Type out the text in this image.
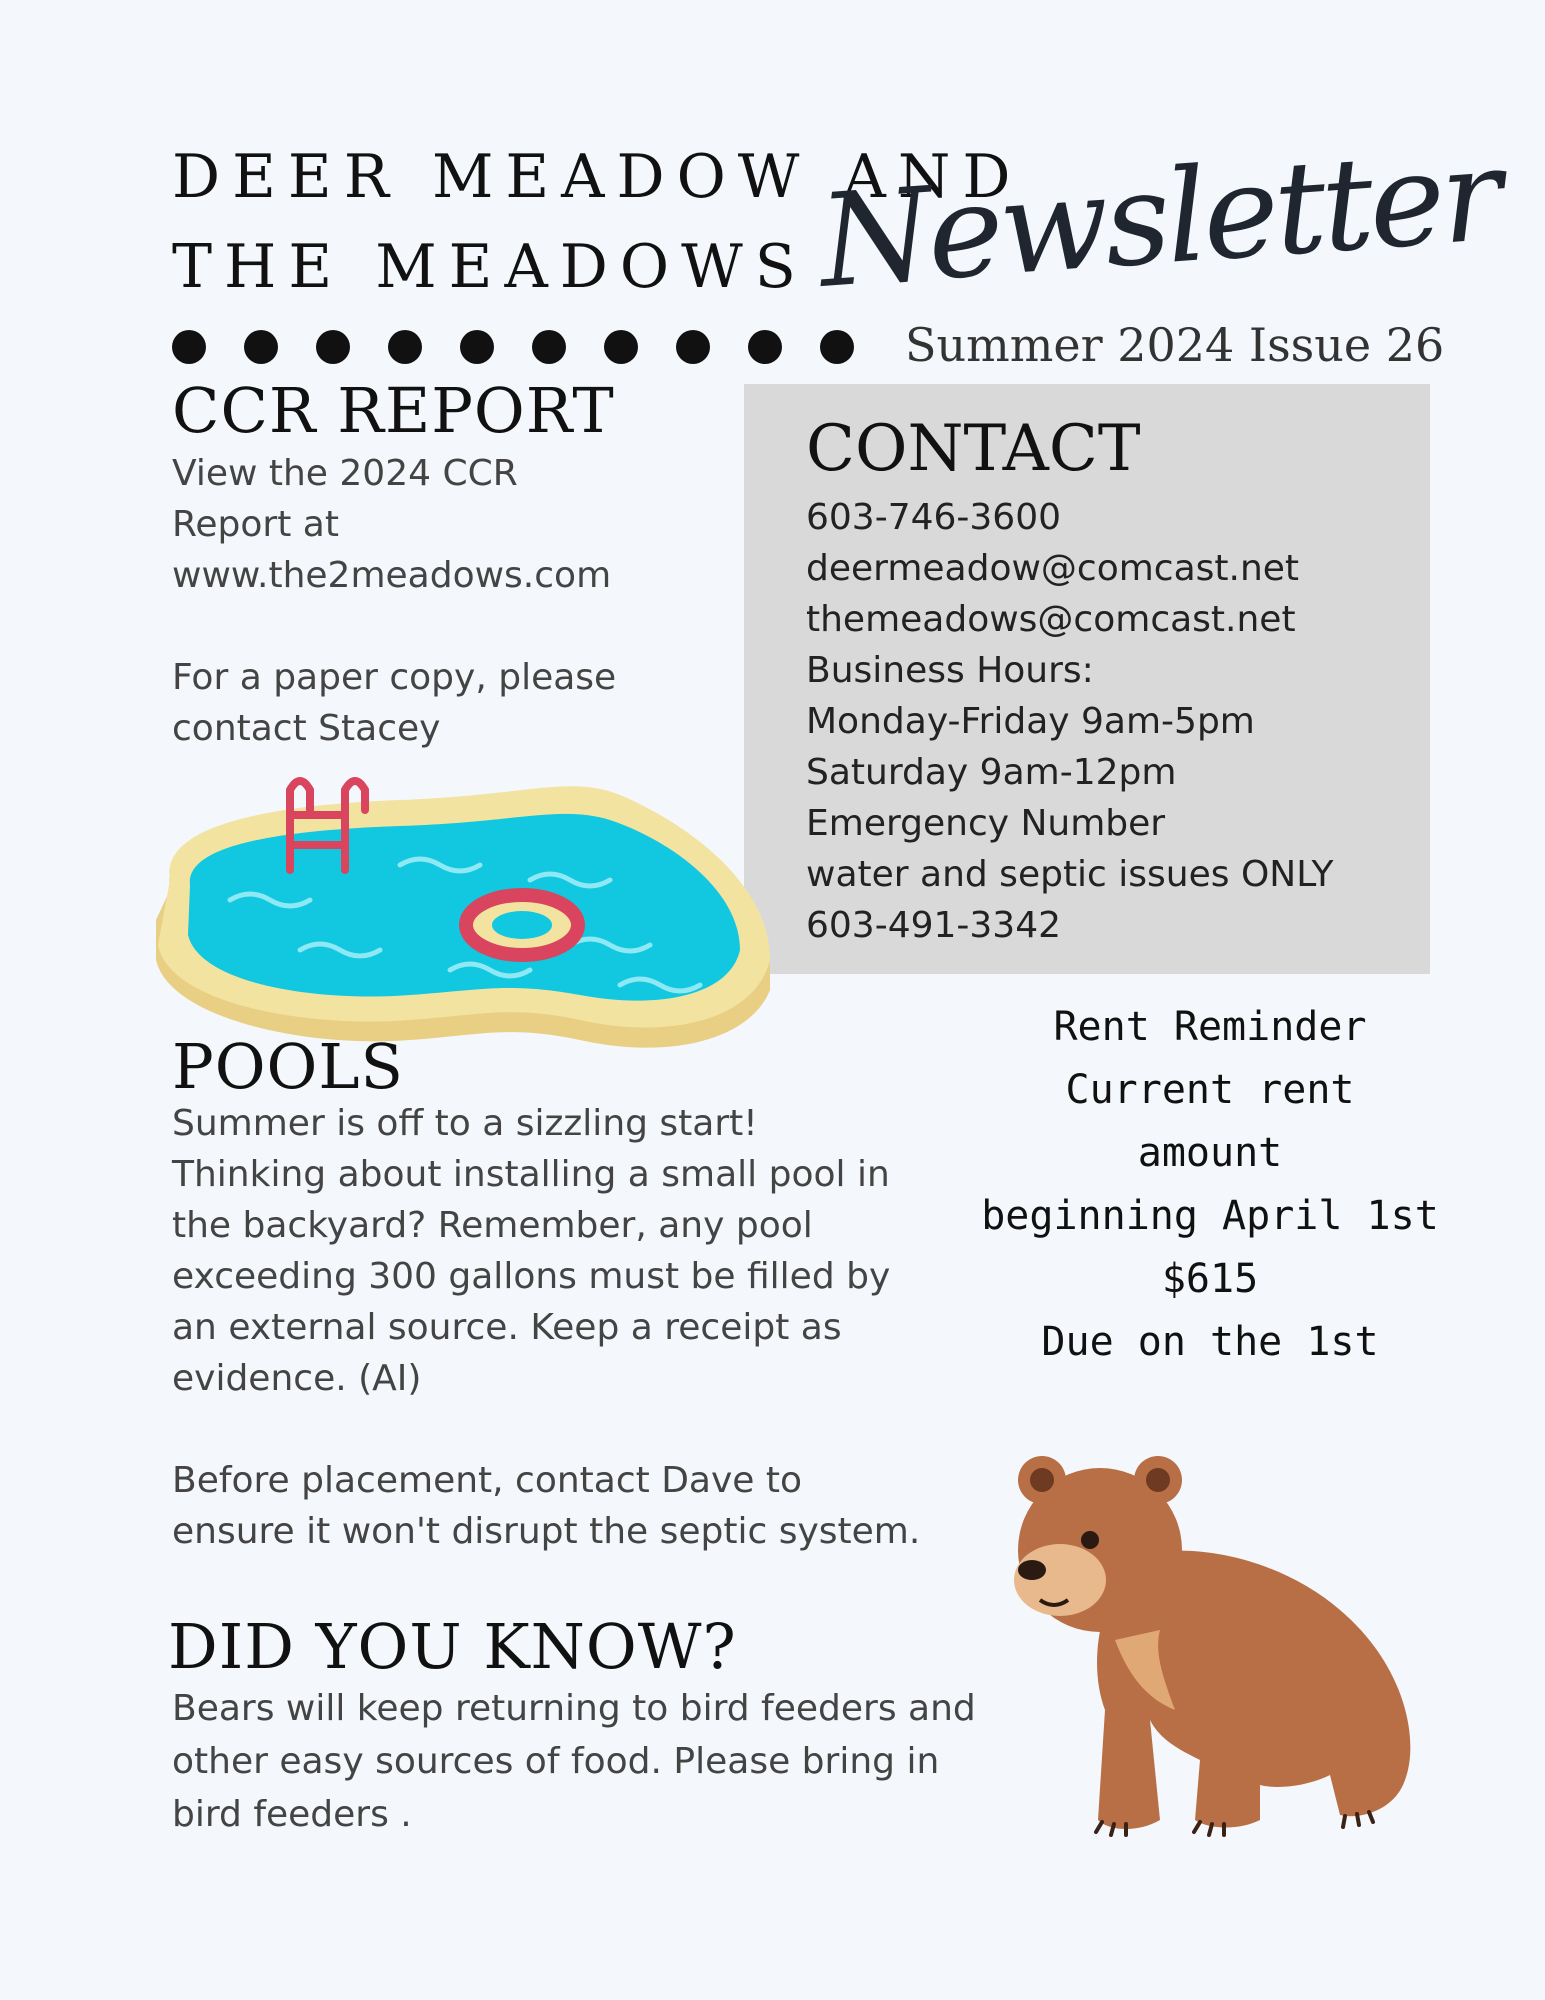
DEER MEADOW AND
THE MEADOWS Newsletter
Summer 2024 Issue 26
CCR REPORT
View the 2024 CCR
Report at
www.the2meadows.com

For a paper copy, please
contact Stacey
CONTACT
603-746-3600
deermeadow@comcast.net
themeadows@comcast.net
Business Hours:
Monday-Friday 9am-5pm
Saturday 9am-12pm
Emergency Number
water and septic issues ONLY
603-491-3342
POOLS
Summer is off to a sizzling start!
Thinking about installing a small pool in
the backyard? Remember, any pool
exceeding 300 gallons must be filled by
an external source. Keep a receipt as
evidence. (AI)

Before placement, contact Dave to
ensure it won't disrupt the septic system.
Rent Reminder
Current rent
amount
beginning April 1st
$615
Due on the 1st
DID YOU KNOW?
Bears will keep returning to bird feeders and
other easy sources of food. Please bring in
bird feeders .
